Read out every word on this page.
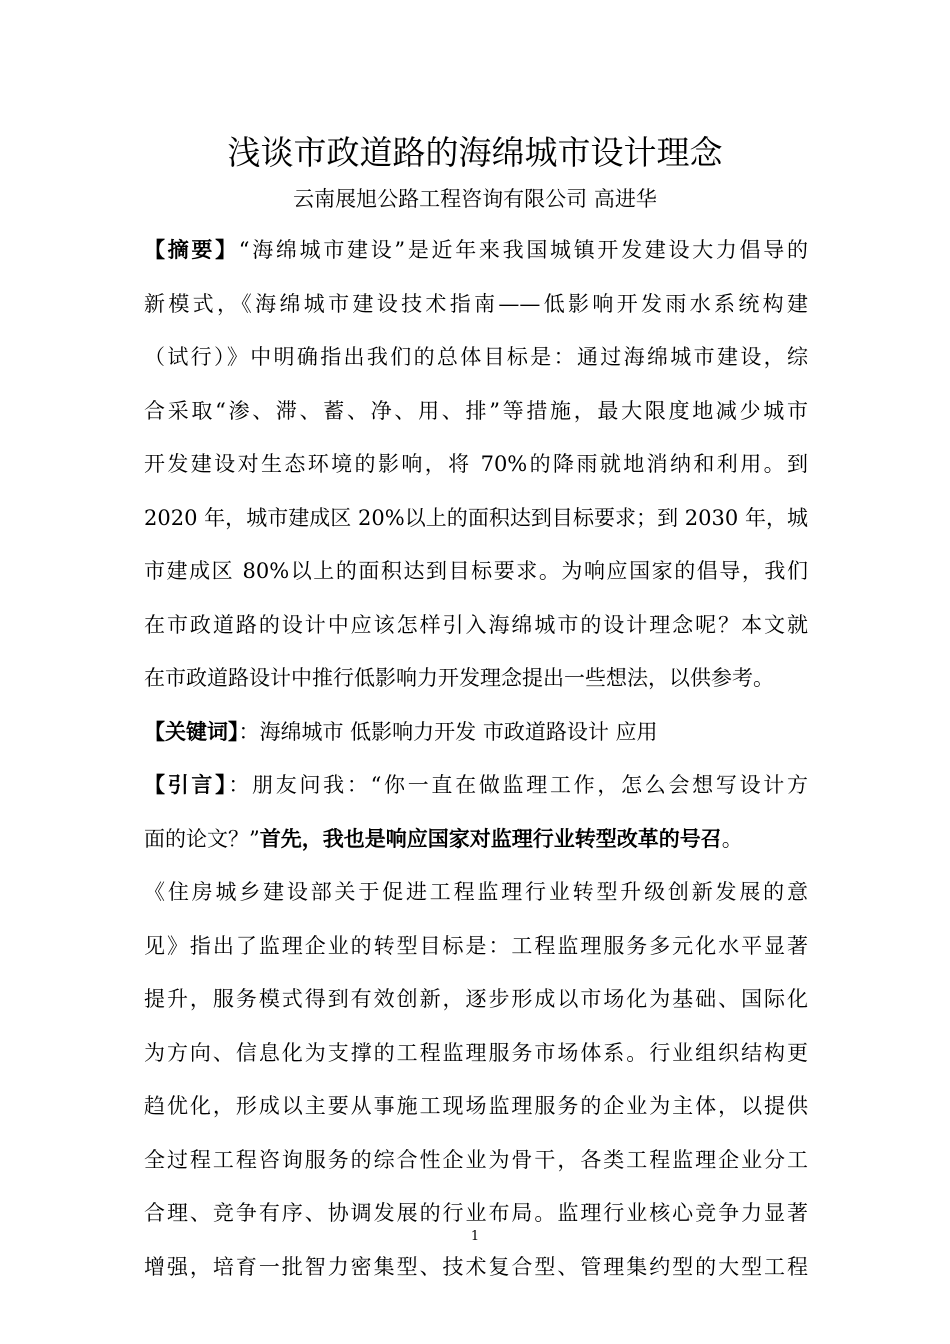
浅谈市政道路的海绵城市设计理念
云南展旭公路工程咨询有限公司 高进华
【摘要】“海绵城市建设”是近年来我国城镇开发建设大力倡导的
新模式，《海绵城市建设技术指南——低影响开发雨水系统构建
（试行）》中明确指出我们的总体目标是：通过海绵城市建设，综
合采取“渗、滞、蓄、净、用、排”等措施，最大限度地减少城市
开发建设对生态环境的影响，将 70%的降雨就地消纳和利用。到
2020 年，城市建成区 20%以上的面积达到目标要求；到 2030 年，城
市建成区 80%以上的面积达到目标要求。为响应国家的倡导，我们
在市政道路的设计中应该怎样引入海绵城市的设计理念呢？本文就
在市政道路设计中推行低影响力开发理念提出一些想法，以供参考。
【关键词】：海绵城市 低影响力开发 市政道路设计 应用
【引言】：朋友问我：“你一直在做监理工作，怎么会想写设计方
面的论文？”首先，我也是响应国家对监理行业转型改革的号召。
《住房城乡建设部关于促进工程监理行业转型升级创新发展的意
见》指出了监理企业的转型目标是：工程监理服务多元化水平显著
提升，服务模式得到有效创新，逐步形成以市场化为基础、国际化
为方向、信息化为支撑的工程监理服务市场体系。行业组织结构更
趋优化，形成以主要从事施工现场监理服务的企业为主体，以提供
全过程工程咨询服务的综合性企业为骨干，各类工程监理企业分工
合理、竞争有序、协调发展的行业布局。监理行业核心竞争力显著
增强，培育一批智力密集型、技术复合型、管理集约型的大型工程
1
